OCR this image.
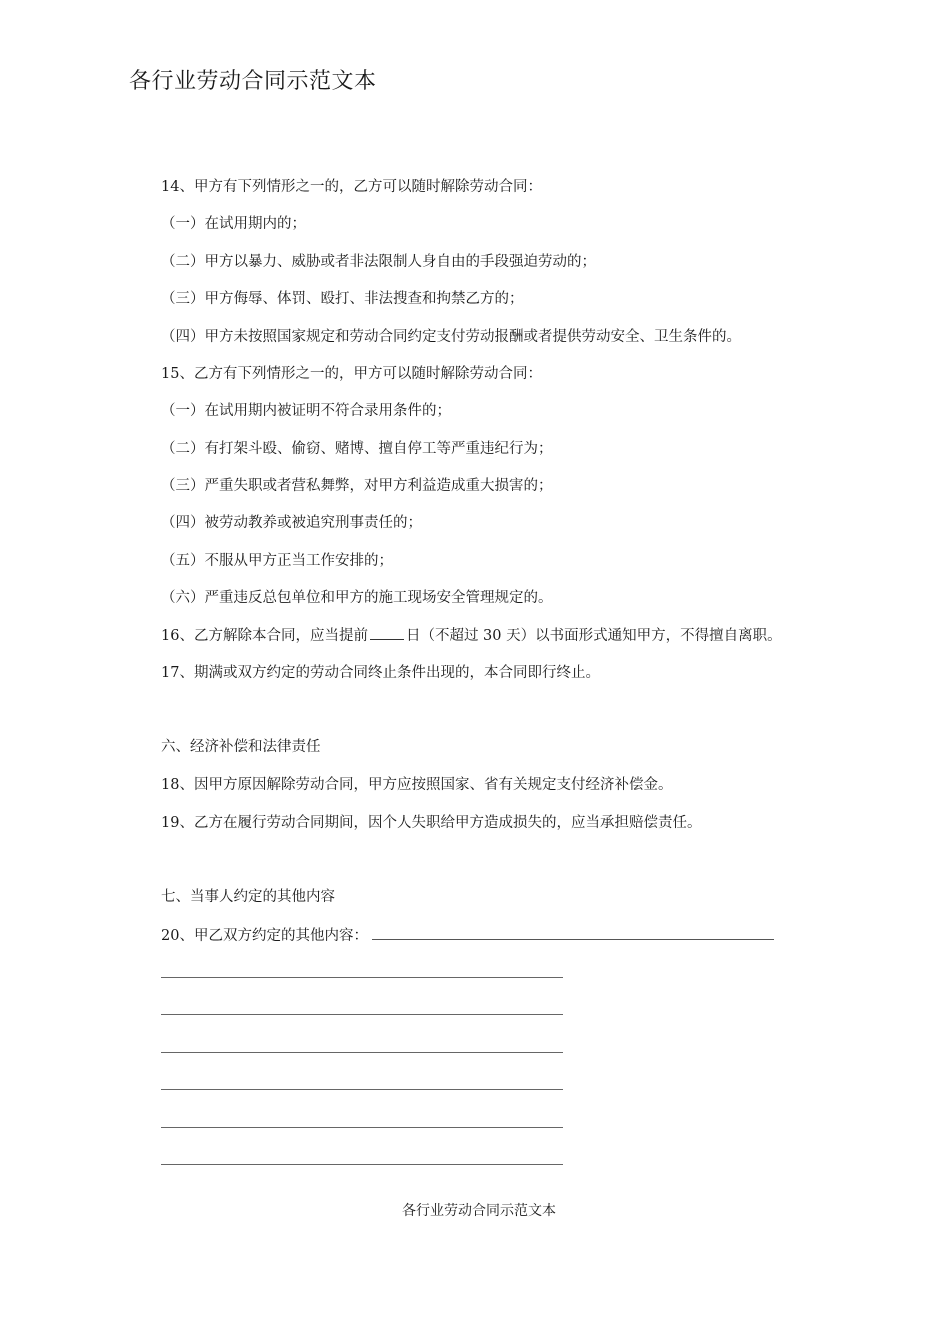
各行业劳动合同示范文本
14、甲方有下列情形之一的，乙方可以随时解除劳动合同：
（一）在试用期内的；
（二）甲方以暴力、威胁或者非法限制人身自由的手段强迫劳动的；
（三）甲方侮辱、体罚、殴打、非法搜查和拘禁乙方的；
（四）甲方未按照国家规定和劳动合同约定支付劳动报酬或者提供劳动安全、卫生条件的。
15、乙方有下列情形之一的，甲方可以随时解除劳动合同：
（一）在试用期内被证明不符合录用条件的；
（二）有打架斗殴、偷窃、赌博、擅自停工等严重违纪行为；
（三）严重失职或者营私舞弊，对甲方利益造成重大损害的；
（四）被劳动教养或被追究刑事责任的；
（五）不服从甲方正当工作安排的；
（六）严重违反总包单位和甲方的施工现场安全管理规定的。
16、乙方解除本合同，应当提前	日（不超过 30 天）以书面形式通知甲方，不得擅自离职。
17、期满或双方约定的劳动合同终止条件出现的，本合同即行终止。
六、经济补偿和法律责任
18、因甲方原因解除劳动合同，甲方应按照国家、省有关规定支付经济补偿金。
19、乙方在履行劳动合同期间，因个人失职给甲方造成损失的，应当承担赔偿责任。
七、当事人约定的其他内容
20、甲乙双方约定的其他内容：
各行业劳动合同示范文本
